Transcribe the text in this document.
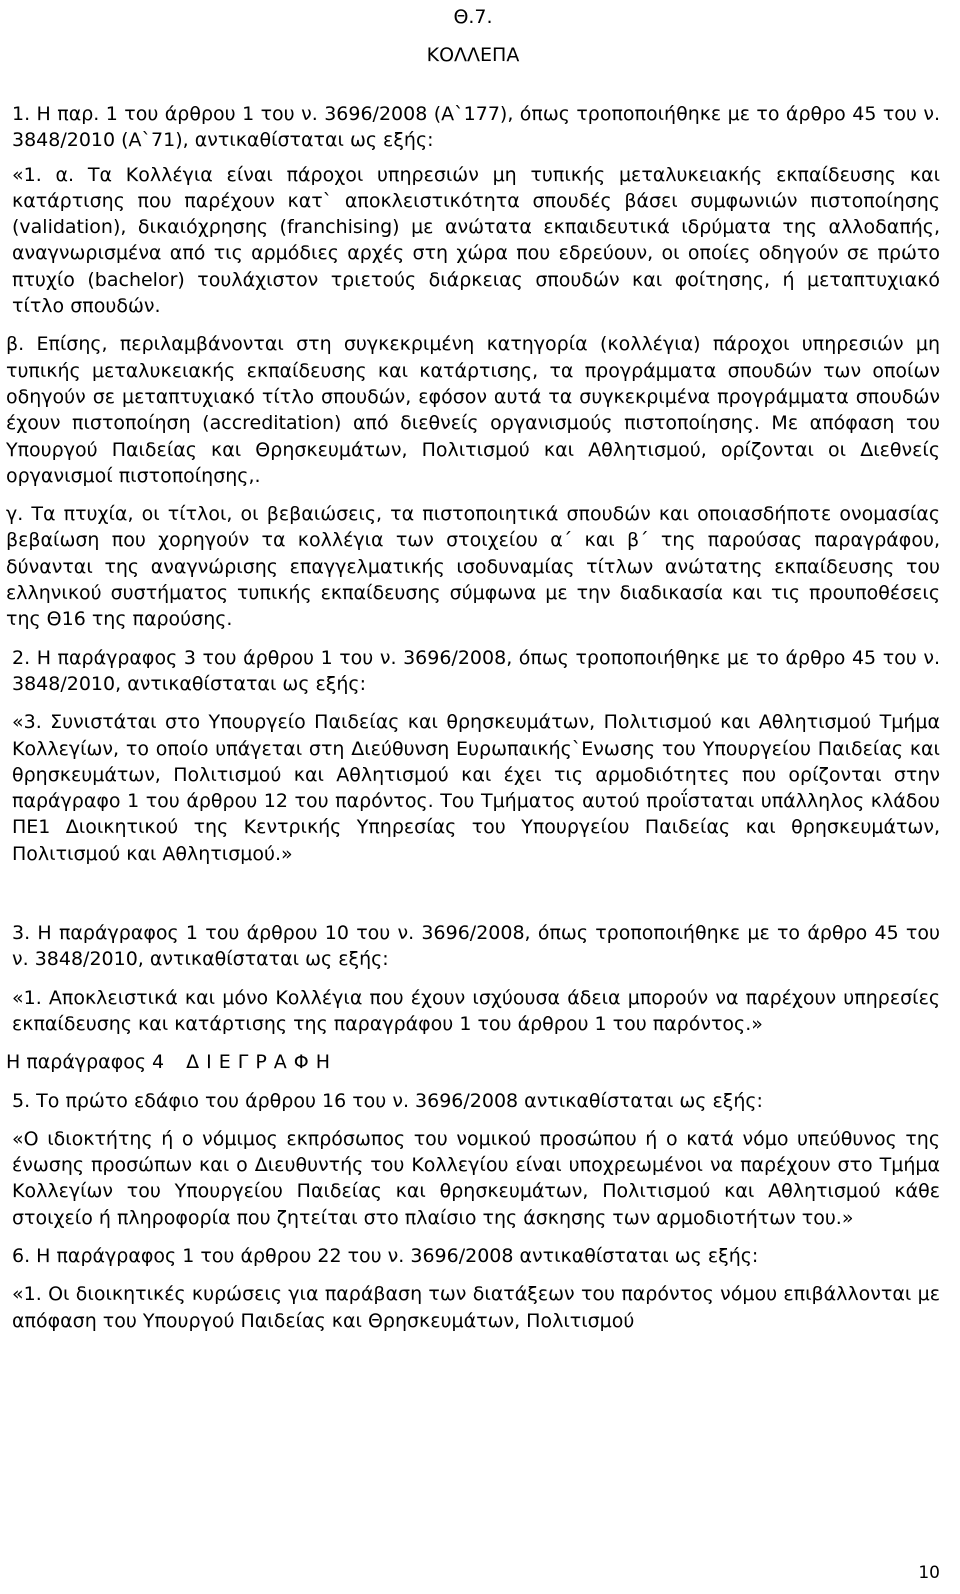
Θ.7.
ΚΟΛΛΕΠΑ

1. Η παρ. 1 του άρθρου 1 του ν. 3696/2008 (Α`177), όπως τροποποιήθηκε με το άρθρο 45 του ν. 3848/2010 (Α`71), αντικαθίσταται ως εξής:

«1. α. Τα Κολλέγια είναι πάροχοι υπηρεσιών μη τυπικής μεταλυκειακής εκπαίδευσης και κατάρτισης που παρέχουν κατ` αποκλειστικότητα σπουδές βάσει συμφωνιών πιστοποίησης (validation), δικαιόχρησης (franchising) με ανώτατα εκπαιδευτικά ιδρύματα της αλλοδαπής, αναγνωρισμένα από τις αρμόδιες αρχές στη χώρα που εδρεύουν, οι οποίες οδηγούν σε πρώτο πτυχίο (bachelor) τουλάχιστον τριετούς διάρκειας σπουδών και φοίτησης, ή μεταπτυχιακό τίτλο σπουδών.

β. Επίσης, περιλαμβάνονται στη συγκεκριμένη κατηγορία (κολλέγια) πάροχοι υπηρεσιών μη τυπικής μεταλυκειακής εκπαίδευσης και κατάρτισης, τα προγράμματα σπουδών των οποίων οδηγούν σε μεταπτυχιακό τίτλο σπουδών, εφόσον αυτά τα συγκεκριμένα προγράμματα σπουδών έχουν πιστοποίηση (accreditation) από διεθνείς οργανισμούς πιστοποίησης. Με απόφαση του Υπουργού Παιδείας και Θρησκευμάτων, Πολιτισμού και Αθλητισμού, ορίζονται οι Διεθνείς οργανισμοί πιστοποίησης,.

γ. Τα πτυχία, οι τίτλοι, οι βεβαιώσεις, τα πιστοποιητικά σπουδών και οποιασδήποτε ονομασίας βεβαίωση που χορηγούν τα κολλέγια των στοιχείου α΄ και β΄ της παρούσας παραγράφου, δύνανται της αναγνώρισης επαγγελματικής ισοδυναμίας τίτλων ανώτατης εκπαίδευσης του ελληνικού συστήματος τυπικής εκπαίδευσης σύμφωνα με την διαδικασία και τις προυποθέσεις της Θ16 της παρούσης.

2. Η παράγραφος 3 του άρθρου 1 του ν. 3696/2008, όπως τροποποιήθηκε με το άρθρο 45 του ν. 3848/2010, αντικαθίσταται ως εξής:

«3. Συνιστάται στο Υπουργείο Παιδείας και θρησκευμάτων, Πολιτισμού και Αθλητισμού Τμήμα Κολλεγίων, το οποίο υπάγεται στη Διεύθυνση Ευρωπαικής`Ενωσης του Υπουργείου Παιδείας και θρησκευμάτων, Πολιτισμού και Αθλητισμού και έχει τις αρμοδιότητες που ορίζονται στην παράγραφο 1 του άρθρου 12 του παρόντος. Του Τμήματος αυτού προΐσταται υπάλληλος κλάδου ΠΕ1 Διοικητικού της Κεντρικής Υπηρεσίας του Υπουργείου Παιδείας και θρησκευμάτων, Πολιτισμού και Αθλητισμού.»

3. Η παράγραφος 1 του άρθρου 10 του ν. 3696/2008, όπως τροποποιήθηκε με το άρθρο 45 του ν. 3848/2010, αντικαθίσταται ως εξής:

«1. Αποκλειστικά και μόνο Κολλέγια που έχουν ισχύουσα άδεια μπορούν να παρέχουν υπηρεσίες εκπαίδευσης και κατάρτισης της παραγράφου 1 του άρθρου 1 του παρόντος.»

Η παράγραφος 4 ΔΙΕΓΡΑΦΗ

5. Το πρώτο εδάφιο του άρθρου 16 του ν. 3696/2008 αντικαθίσταται ως εξής:

«Ο ιδιοκτήτης ή ο νόμιμος εκπρόσωπος του νομικού προσώπου ή ο κατά νόμο υπεύθυνος της ένωσης προσώπων και ο Διευθυντής του Κολλεγίου είναι υποχρεωμένοι να παρέχουν στο Τμήμα Κολλεγίων του Υπουργείου Παιδείας και θρησκευμάτων, Πολιτισμού και Αθλητισμού κάθε στοιχείο ή πληροφορία που ζητείται στο πλαίσιο της άσκησης των αρμοδιοτήτων του.»

6. Η παράγραφος 1 του άρθρου 22 του ν. 3696/2008 αντικαθίσταται ως εξής:

«1. Οι διοικητικές κυρώσεις για παράβαση των διατάξεων του παρόντος νόμου επιβάλλονται με απόφαση του Υπουργού Παιδείας και Θρησκευμάτων, Πολιτισμού

10
